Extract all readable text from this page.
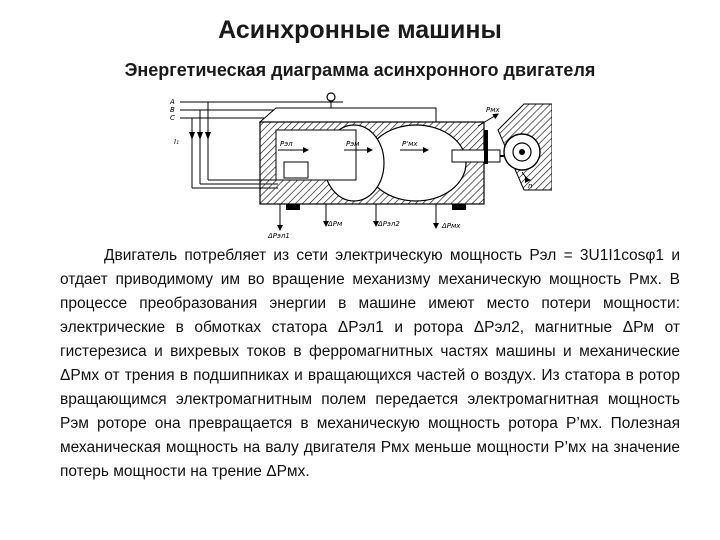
Асинхронные машины
Энергетическая диаграмма асинхронного двигателя
A
B
C
I₁
n
Pэл	Pэм	P'мх
Pмх
ΔPэл1
ΔPм	ΔPэл2	ΔPмх

Двигатель потребляет из сети электрическую мощность Pэл = 3U1I1cosφ1 и отдает приводимому им во вращение механизму механическую мощность Pмх. В процессе преобразования энергии в машине имеют место потери мощности: электрические в обмотках статора ΔPэл1 и ротора ΔPэл2, магнитные ΔPм от гистерезиса и вихревых токов в ферромагнитных частях машины и механические ΔPмх от трения в подшипниках и вращающихся частей о воздух. Из статора в ротор вращающимся электромагнитным полем передается электромагнитная мощность Pэм роторе она превращается в механическую мощность ротора P’мх. Полезная механическая мощность на валу двигателя Pмх меньше мощности P’мх на значение потерь мощности на трение ΔPмх.
